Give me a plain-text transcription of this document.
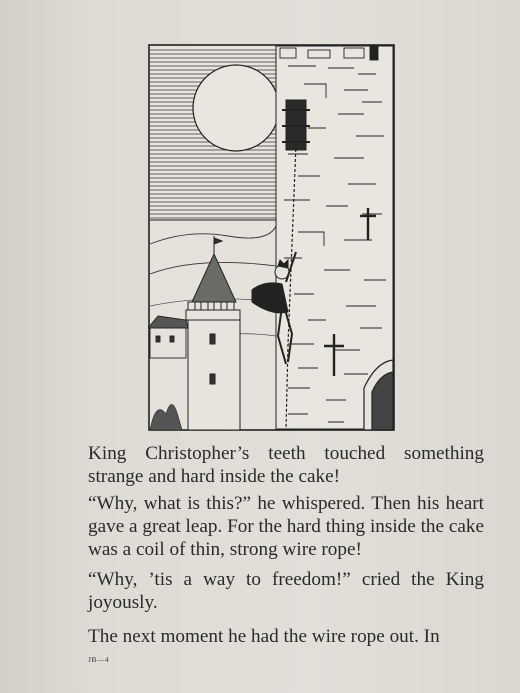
King Christopher’s teeth touched something strange and hard inside the cake!

“Why, what is this?” he whispered. Then his heart gave a great leap. For the hard thing inside the cake was a coil of thin, strong wire rope!

“Why, ’tis a way to freedom!” cried the King joyously.

The next moment he had the wire rope out. In

JB—4
